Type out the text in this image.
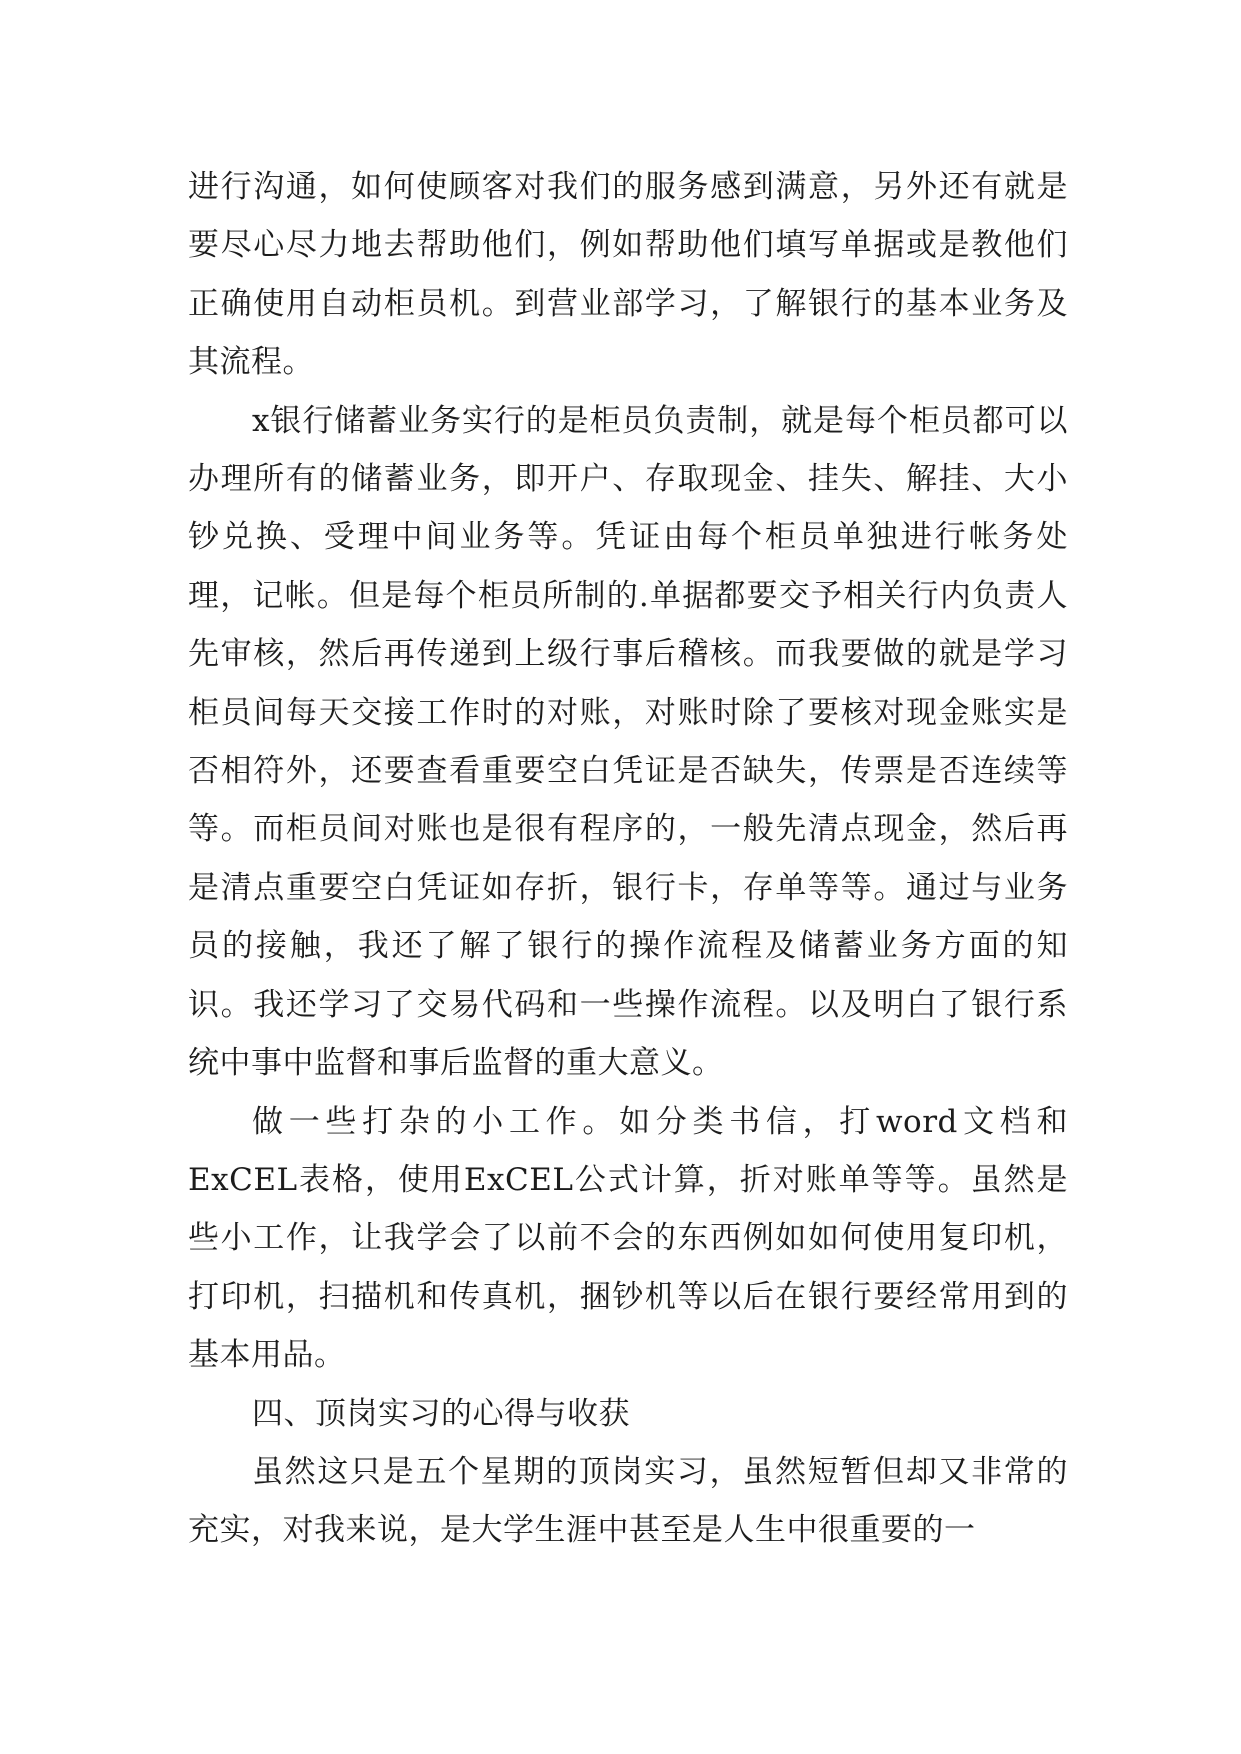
进行沟通，如何使顾客对我们的服务感到满意，另外还有就是要尽心尽力地去帮助他们，例如帮助他们填写单据或是教他们正确使用自动柜员机。到营业部学习，了解银行的基本业务及其流程。

x银行储蓄业务实行的是柜员负责制，就是每个柜员都可以办理所有的储蓄业务，即开户、存取现金、挂失、解挂、大小钞兑换、受理中间业务等。凭证由每个柜员单独进行帐务处理，记帐。但是每个柜员所制的.单据都要交予相关行内负责人先审核，然后再传递到上级行事后稽核。而我要做的就是学习柜员间每天交接工作时的对账，对账时除了要核对现金账实是否相符外，还要查看重要空白凭证是否缺失，传票是否连续等等。而柜员间对账也是很有程序的，一般先清点现金，然后再是清点重要空白凭证如存折，银行卡，存单等等。通过与业务员的接触，我还了解了银行的操作流程及储蓄业务方面的知识。我还学习了交易代码和一些操作流程。以及明白了银行系统中事中监督和事后监督的重大意义。

做一些打杂的小工作。如分类书信，打word文档和ExCEL表格，使用ExCEL公式计算，折对账单等等。虽然是些小工作，让我学会了以前不会的东西例如如何使用复印机，打印机，扫描机和传真机，捆钞机等以后在银行要经常用到的基本用品。

四、顶岗实习的心得与收获

虽然这只是五个星期的顶岗实习，虽然短暂但却又非常的充实，对我来说，是大学生涯中甚至是人生中很重要的一
